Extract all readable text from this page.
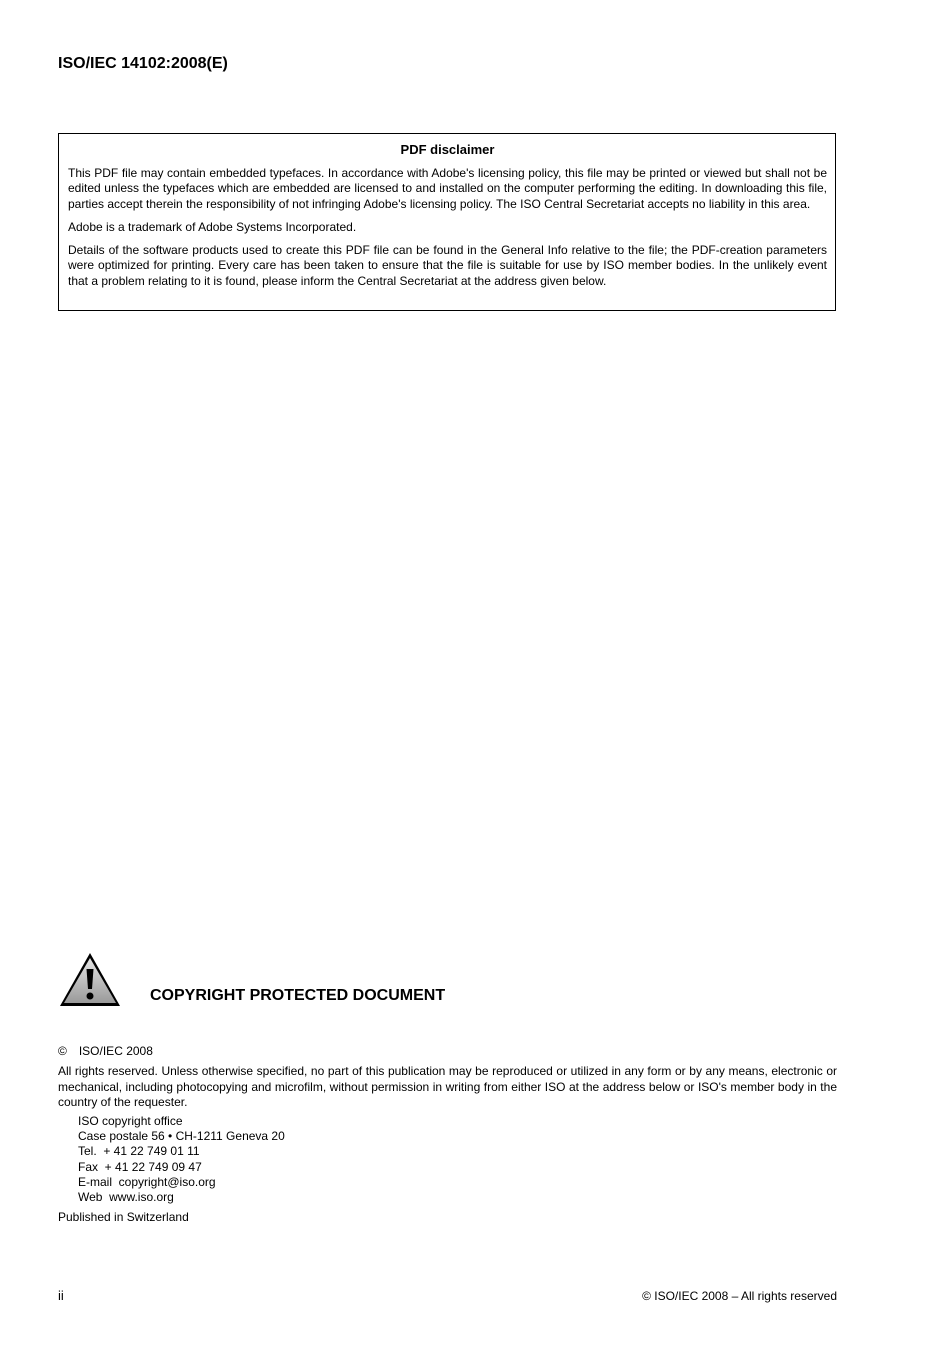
ISO/IEC 14102:2008(E)
PDF disclaimer

This PDF file may contain embedded typefaces. In accordance with Adobe's licensing policy, this file may be printed or viewed but shall not be edited unless the typefaces which are embedded are licensed to and installed on the computer performing the editing. In downloading this file, parties accept therein the responsibility of not infringing Adobe's licensing policy. The ISO Central Secretariat accepts no liability in this area.

Adobe is a trademark of Adobe Systems Incorporated.

Details of the software products used to create this PDF file can be found in the General Info relative to the file; the PDF-creation parameters were optimized for printing. Every care has been taken to ensure that the file is suitable for use by ISO member bodies. In the unlikely event that a problem relating to it is found, please inform the Central Secretariat at the address given below.

COPYRIGHT PROTECTED DOCUMENT
© ISO/IEC 2008

All rights reserved. Unless otherwise specified, no part of this publication may be reproduced or utilized in any form or by any means, electronic or mechanical, including photocopying and microfilm, without permission in writing from either ISO at the address below or ISO's member body in the country of the requester.

ISO copyright office
Case postale 56 • CH-1211 Geneva 20
Tel.  + 41 22 749 01 11
Fax  + 41 22 749 09 47
E-mail  copyright@iso.org
Web  www.iso.org
Published in Switzerland
ii	© ISO/IEC 2008 – All rights reserved
